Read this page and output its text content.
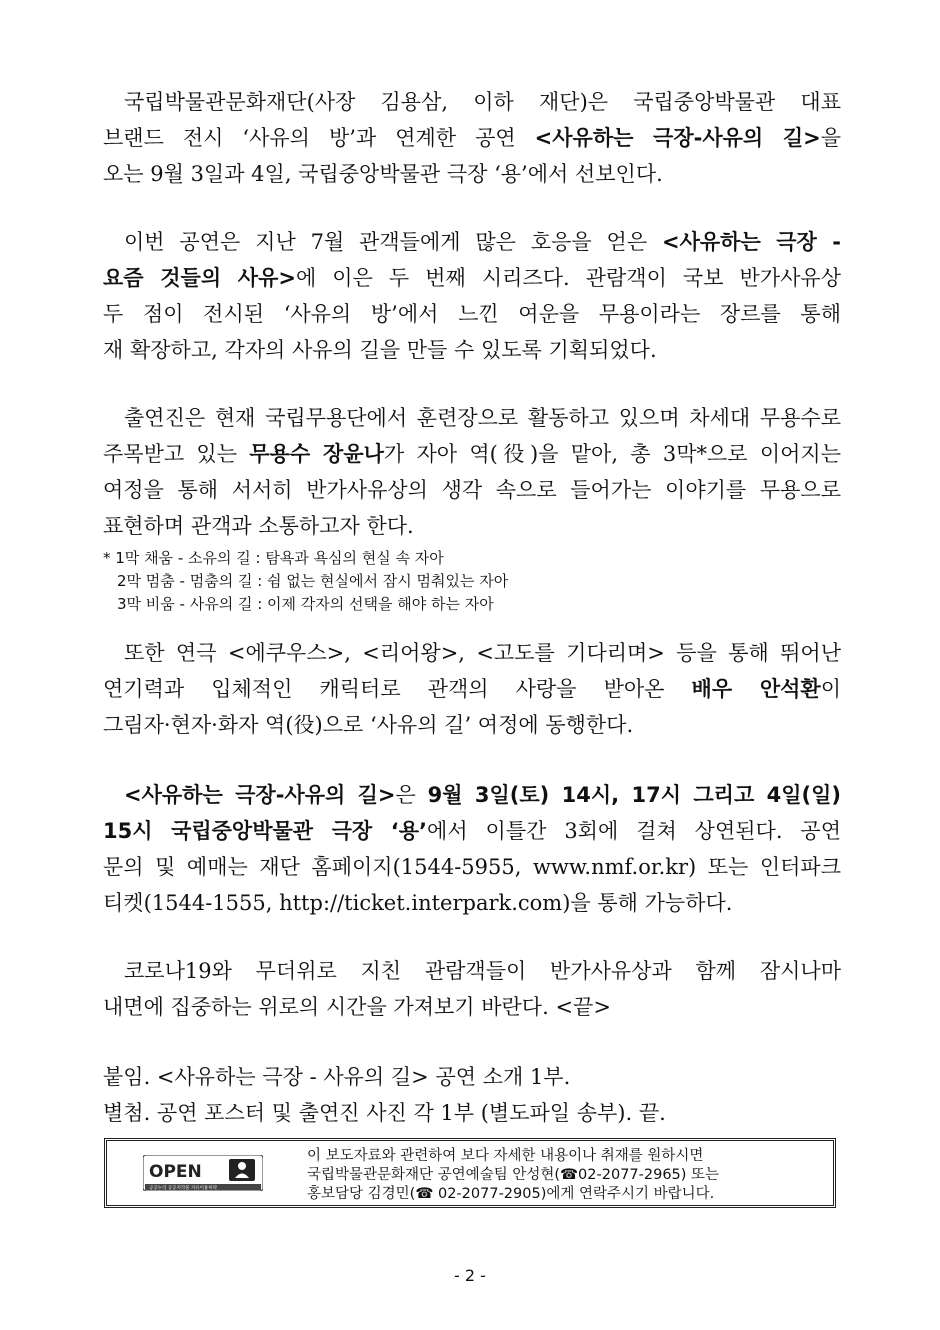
국립박물관문화재단(사장 김용삼, 이하 재단)은 국립중앙박물관 대표
브랜드 전시 ‘사유의 방’과 연계한 공연 <사유하는 극장-사유의 길>을
오는 9월 3일과 4일, 국립중앙박물관 극장 ‘용’에서 선보인다.
이번 공연은 지난 7월 관객들에게 많은 호응을 얻은 <사유하는 극장 -
요즘 것들의 사유>에 이은 두 번째 시리즈다. 관람객이 국보 반가사유상
두 점이 전시된 ‘사유의 방’에서 느낀 여운을 무용이라는 장르를 통해
재 확장하고, 각자의 사유의 길을 만들 수 있도록 기획되었다.
출연진은 현재 국립무용단에서 훈련장으로 활동하고 있으며 차세대 무용수로
주목받고 있는 무용수 장윤나가 자아 역(役)을 맡아, 총 3막*으로 이어지는
여정을 통해 서서히 반가사유상의 생각 속으로 들어가는 이야기를 무용으로
표현하며 관객과 소통하고자 한다.
* 1막 채움 - 소유의 길 : 탐욕과 욕심의 현실 속 자아
2막 멈춤 - 멈춤의 길 : 쉼 없는 현실에서 잠시 멈춰있는 자아
3막 비움 - 사유의 길 : 이제 각자의 선택을 해야 하는 자아
또한 연극 <에쿠우스>, <리어왕>, <고도를 기다리며> 등을 통해 뛰어난
연기력과 입체적인 캐릭터로 관객의 사랑을 받아온 배우 안석환이
그림자·현자·화자 역(役)으로 ‘사유의 길’ 여정에 동행한다.
<사유하는 극장-사유의 길>은 9월 3일(토) 14시, 17시 그리고 4일(일)
15시 국립중앙박물관 극장 ‘용’에서 이틀간 3회에 걸쳐 상연된다. 공연
문의 및 예매는 재단 홈페이지(1544-5955, www.nmf.or.kr) 또는 인터파크
티켓(1544-1555, http://ticket.interpark.com)을 통해 가능하다.
코로나19와 무더위로 지친 관람객들이 반가사유상과 함께 잠시나마
내면에 집중하는 위로의 시간을 가져보기 바란다. <끝>
붙임. <사유하는 극장 - 사유의 길> 공연 소개 1부.
별첨. 공연 포스터 및 출연진 사진 각 1부 (별도파일 송부). 끝.
OPEN
공공누리 공공저작물 자유이용허락
이 보도자료와 관련하여 보다 자세한 내용이나 취재를 원하시면
국립박물관문화재단 공연예술팀 안성현(☎02-2077-2965) 또는
홍보담당 김경민(☎ 02-2077-2905)에게 연락주시기 바랍니다.
- 2 -
